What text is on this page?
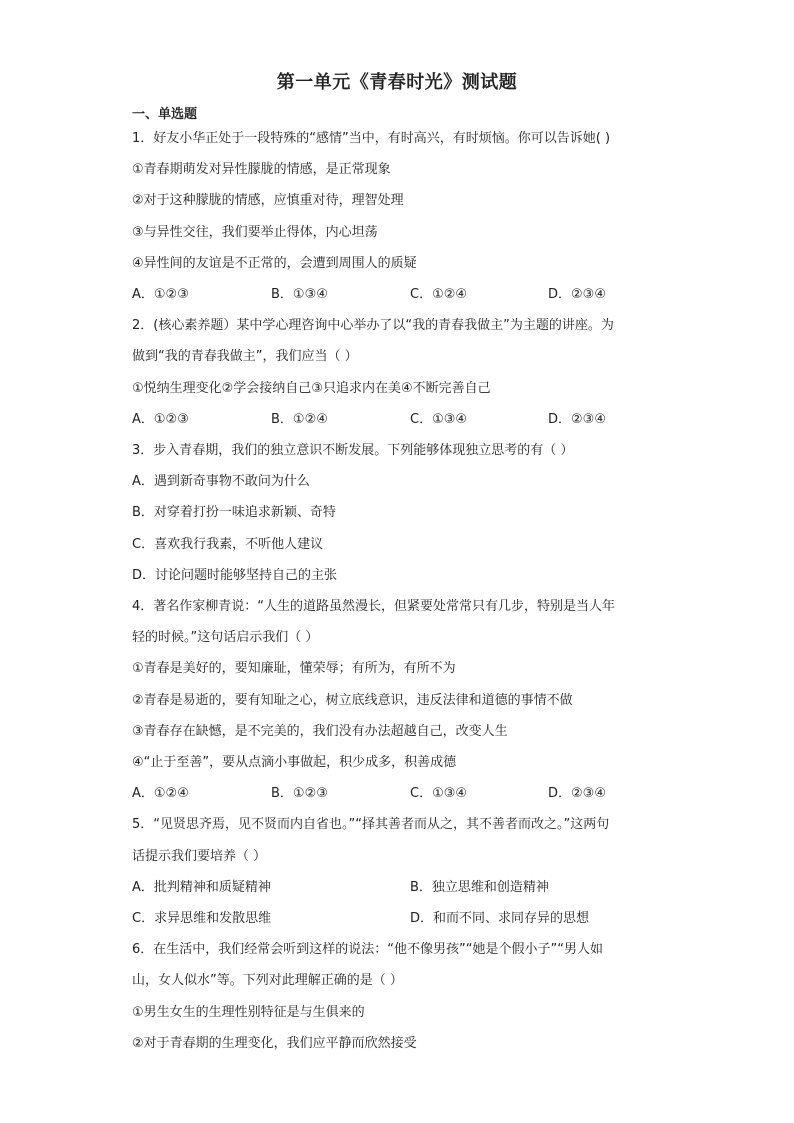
第一单元《青春时光》测试题
一、单选题
1．好友小华正处于一段特殊的“感情”当中，有时高兴，有时烦恼。你可以告诉她( )
①青春期萌发对异性朦胧的情感，是正常现象
②对于这种朦胧的情感，应慎重对待，理智处理
③与异性交往，我们要举止得体，内心坦荡
④异性间的友谊是不正常的，会遭到周围人的质疑
A．①②③	B．①③④	C．①②④	D．②③④
2．(核心素养题）某中学心理咨询中心举办了以“我的青春我做主”为主题的讲座。为
做到“我的青春我做主”，我们应当（ ）
①悦纳生理变化②学会接纳自己③只追求内在美④不断完善自己
A．①②③	B．①②④	C．①③④	D．②③④
3．步入青春期，我们的独立意识不断发展。下列能够体现独立思考的有（ ）
A．遇到新奇事物不敢问为什么
B．对穿着打扮一味追求新颖、奇特
C．喜欢我行我素，不听他人建议
D．讨论问题时能够坚持自己的主张
4．著名作家柳青说：“人生的道路虽然漫长，但紧要处常常只有几步，特别是当人年
轻的时候。”这句话启示我们（ ）
①青春是美好的，要知廉耻，懂荣辱；有所为，有所不为
②青春是易逝的，要有知耻之心，树立底线意识，违反法律和道德的事情不做
③青春存在缺憾，是不完美的，我们没有办法超越自己，改变人生
④“止于至善”，要从点滴小事做起，积少成多，积善成德
A．①②④	B．①②③	C．①③④	D．②③④
5．“见贤思齐焉，见不贤而内自省也。”“择其善者而从之，其不善者而改之。”这两句
话提示我们要培养（ ）
A．批判精神和质疑精神	B．独立思维和创造精神
C．求异思维和发散思维	D．和而不同、求同存异的思想
6．在生活中，我们经常会听到这样的说法：“他不像男孩”“她是个假小子”“男人如
山，女人似水”等。下列对此理解正确的是（ ）
①男生女生的生理性别特征是与生俱来的
②对于青春期的生理变化，我们应平静而欣然接受
